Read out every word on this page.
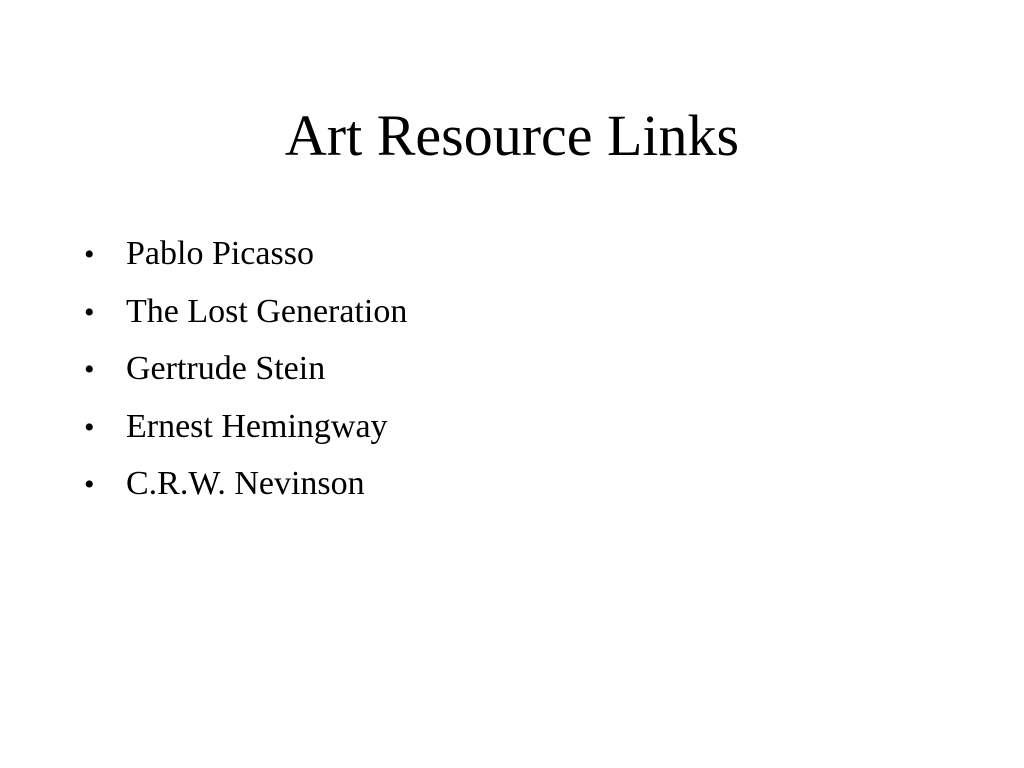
Art Resource Links
• Pablo Picasso
• The Lost Generation
• Gertrude Stein
• Ernest Hemingway
• C.R.W. Nevinson
